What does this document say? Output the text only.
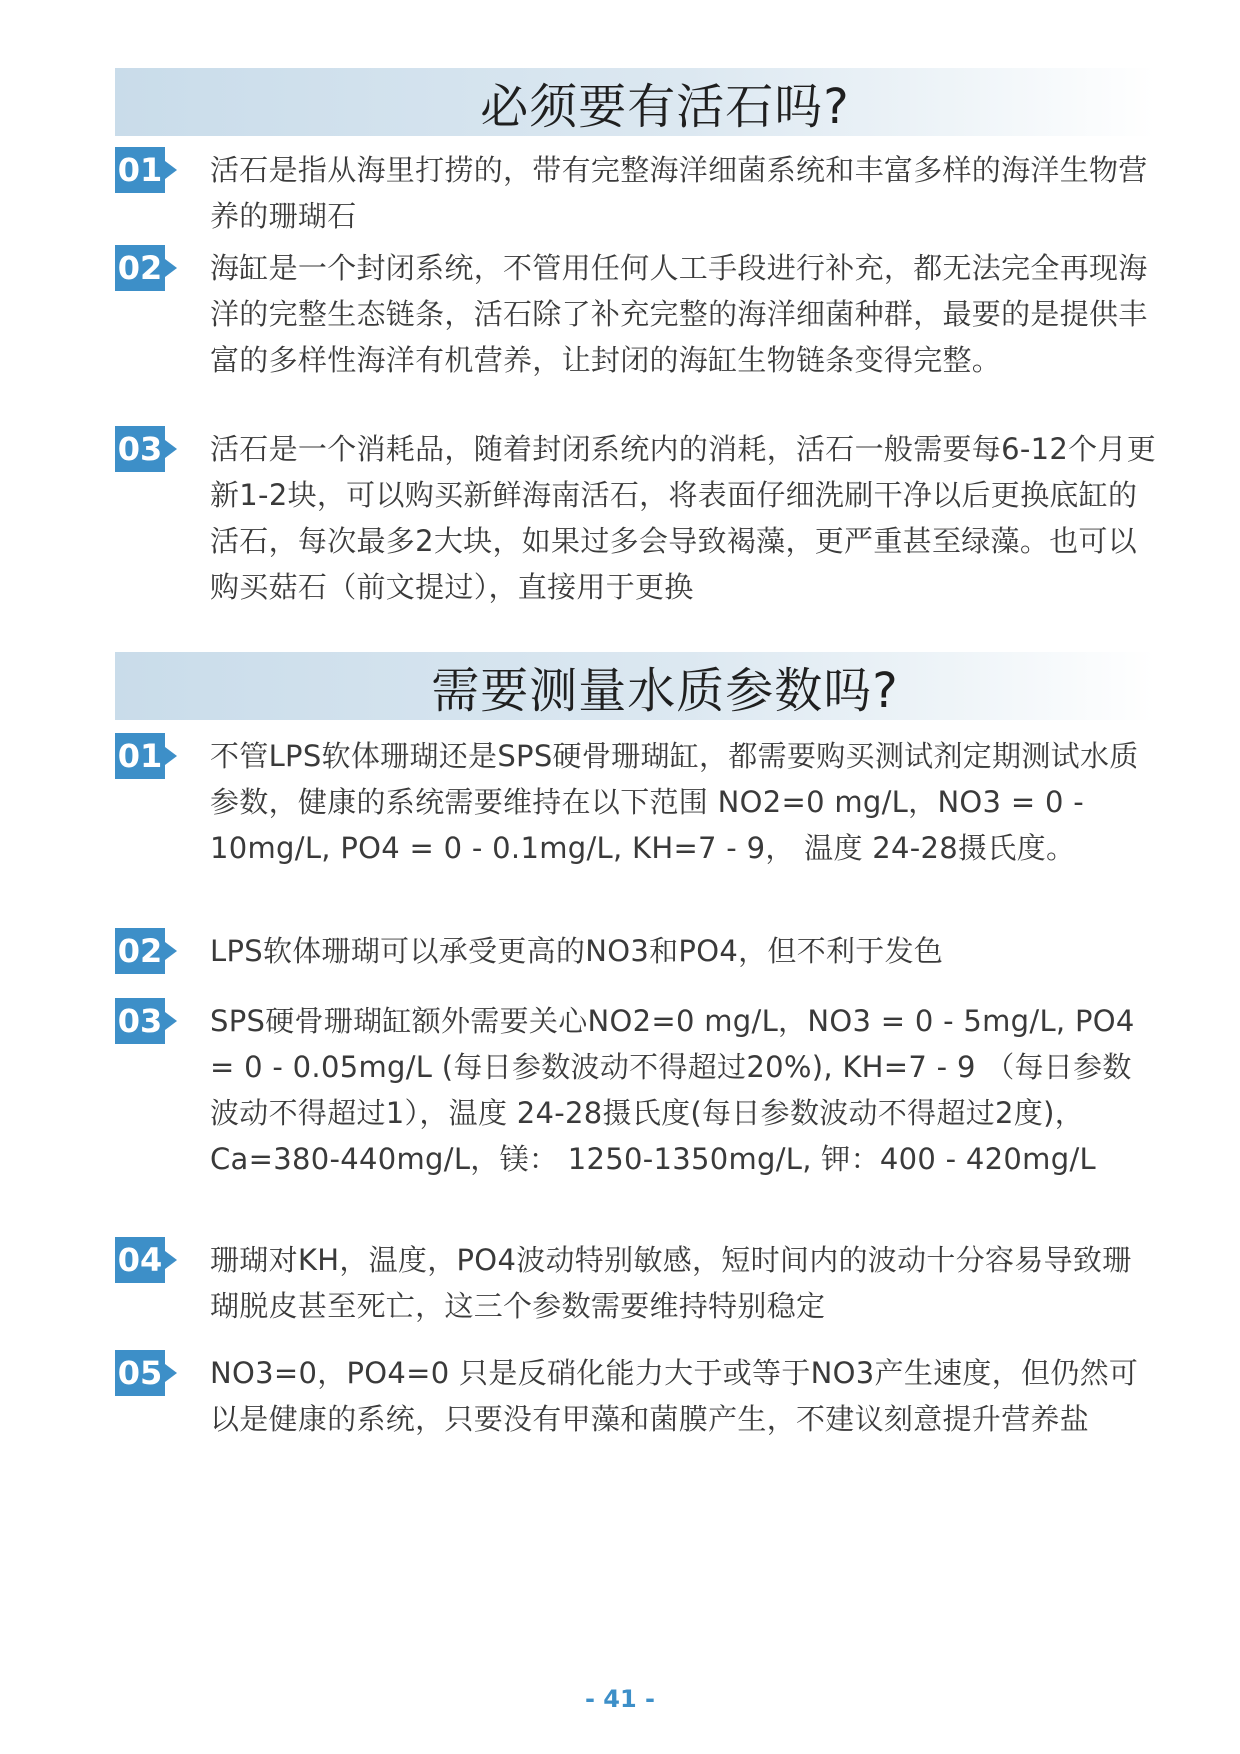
必须要有活石吗?
01 活石是指从海里打捞的，带有完整海洋细菌系统和丰富多样的海洋生物营养的珊瑚石
02 海缸是一个封闭系统，不管用任何人工手段进行补充，都无法完全再现海洋的完整生态链条，活石除了补充完整的海洋细菌种群，最要的是提供丰富的多样性海洋有机营养，让封闭的海缸生物链条变得完整。
03 活石是一个消耗品，随着封闭系统内的消耗，活石一般需要每6-12个月更新1-2块，可以购买新鲜海南活石，将表面仔细洗刷干净以后更换底缸的活石，每次最多2大块，如果过多会导致褐藻，更严重甚至绿藻。也可以购买菇石（前文提过），直接用于更换
需要测量水质参数吗?
01 不管LPS软体珊瑚还是SPS硬骨珊瑚缸，都需要购买测试剂定期测试水质参数，健康的系统需要维持在以下范围 NO2=0 mg/L，NO3 = 0 - 10mg/L, PO4 = 0 - 0.1mg/L, KH=7 - 9， 温度 24-28摄氏度。
02 LPS软体珊瑚可以承受更高的NO3和PO4，但不利于发色
03 SPS硬骨珊瑚缸额外需要关心NO2=0 mg/L，NO3 = 0 - 5mg/L, PO4 = 0 - 0.05mg/L (每日参数波动不得超过20%), KH=7 - 9 （每日参数波动不得超过1），温度 24-28摄氏度(每日参数波动不得超过2度)，Ca=380-440mg/L，镁： 1250-1350mg/L, 钾：400 - 420mg/L
04 珊瑚对KH，温度，PO4波动特别敏感，短时间内的波动十分容易导致珊瑚脱皮甚至死亡，这三个参数需要维持特别稳定
05 NO3=0，PO4=0 只是反硝化能力大于或等于NO3产生速度，但仍然可以是健康的系统，只要没有甲藻和菌膜产生，不建议刻意提升营养盐
- 41 -
